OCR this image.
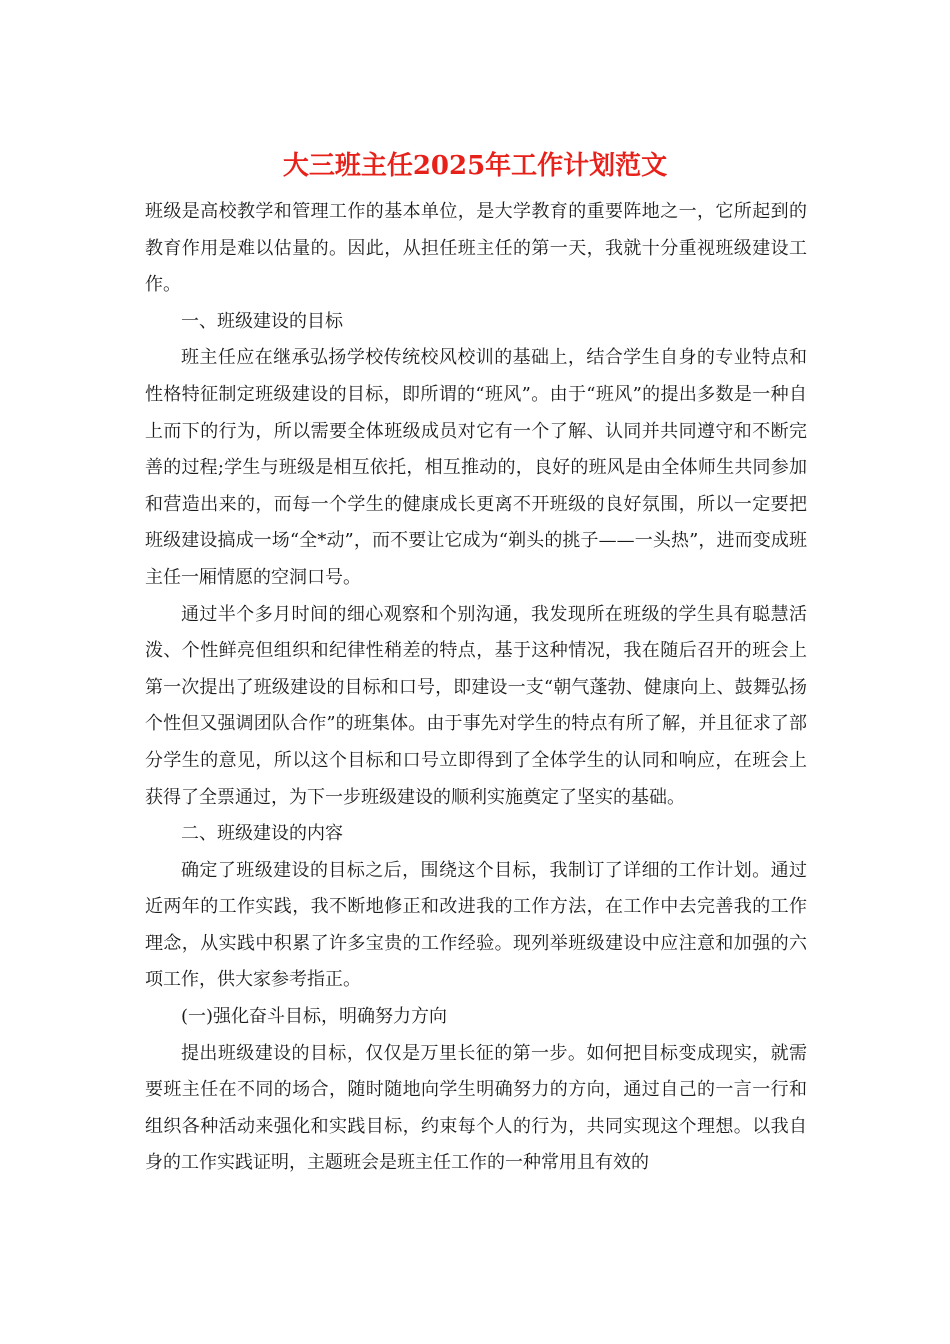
大三班主任2025年工作计划范文

班级是高校教学和管理工作的基本单位，是大学教育的重要阵地之一，它所起到的教育作用是难以估量的。因此，从担任班主任的第一天，我就十分重视班级建设工作。

一、班级建设的目标

班主任应在继承弘扬学校传统校风校训的基础上，结合学生自身的专业特点和性格特征制定班级建设的目标，即所谓的“班风”。由于“班风”的提出多数是一种自上而下的行为，所以需要全体班级成员对它有一个了解、认同并共同遵守和不断完善的过程;学生与班级是相互依托，相互推动的，良好的班风是由全体师生共同参加和营造出来的，而每一个学生的健康成长更离不开班级的良好氛围，所以一定要把班级建设搞成一场“全*动”，而不要让它成为“剃头的挑子——一头热”，进而变成班主任一厢情愿的空洞口号。

通过半个多月时间的细心观察和个别沟通，我发现所在班级的学生具有聪慧活泼、个性鲜亮但组织和纪律性稍差的特点，基于这种情况，我在随后召开的班会上第一次提出了班级建设的目标和口号，即建设一支“朝气蓬勃、健康向上、鼓舞弘扬个性但又强调团队合作”的班集体。由于事先对学生的特点有所了解，并且征求了部分学生的意见，所以这个目标和口号立即得到了全体学生的认同和响应，在班会上获得了全票通过，为下一步班级建设的顺利实施奠定了坚实的基础。

二、班级建设的内容

确定了班级建设的目标之后，围绕这个目标，我制订了详细的工作计划。通过近两年的工作实践，我不断地修正和改进我的工作方法，在工作中去完善我的工作理念，从实践中积累了许多宝贵的工作经验。现列举班级建设中应注意和加强的六项工作，供大家参考指正。

(一)强化奋斗目标，明确努力方向

提出班级建设的目标，仅仅是万里长征的第一步。如何把目标变成现实，就需要班主任在不同的场合，随时随地向学生明确努力的方向，通过自己的一言一行和组织各种活动来强化和实践目标，约束每个人的行为，共同实现这个理想。以我自身的工作实践证明，主题班会是班主任工作的一种常用且有效的
